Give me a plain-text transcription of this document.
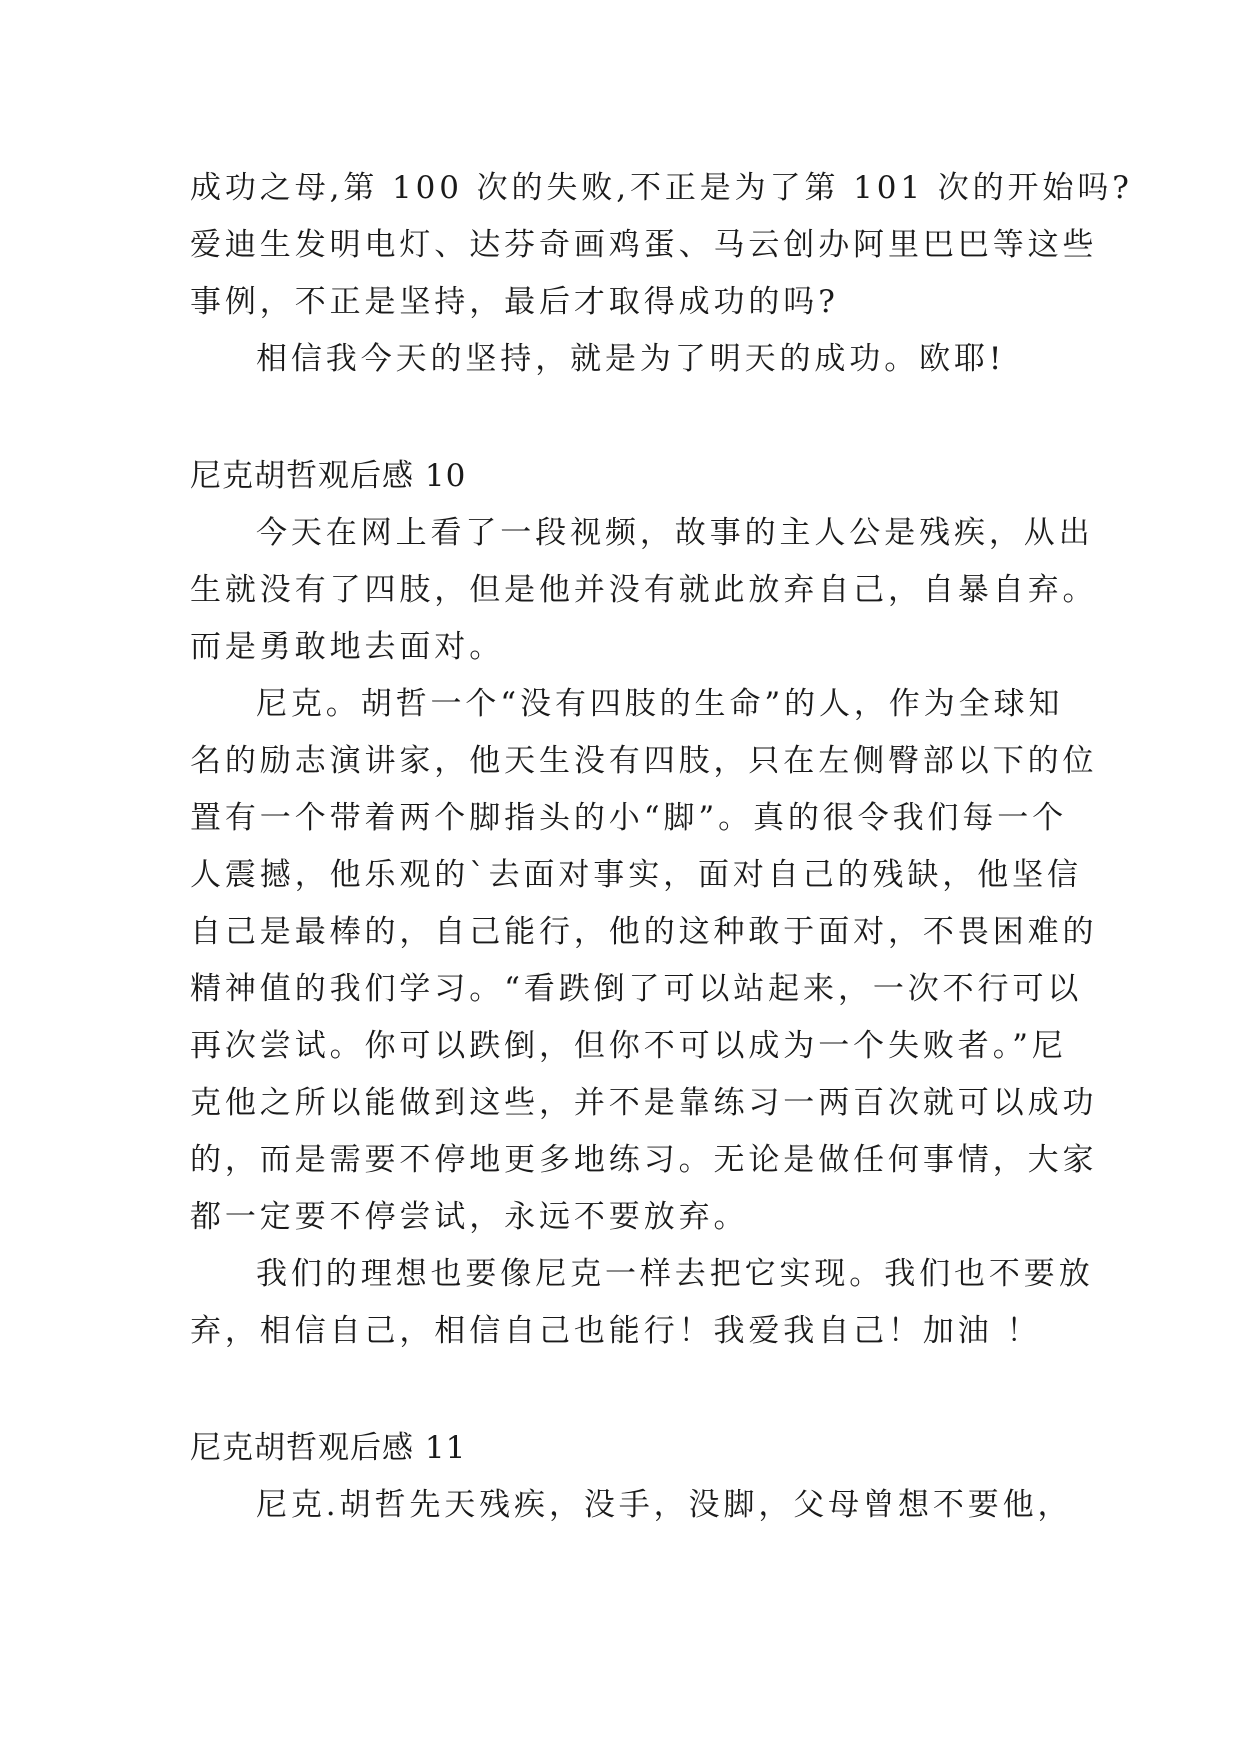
成功之母,第 100 次的失败,不正是为了第 101 次的开始吗?
爱迪生发明电灯、达芬奇画鸡蛋、马云创办阿里巴巴等这些
事例，不正是坚持，最后才取得成功的吗?
相信我今天的坚持，就是为了明天的成功。欧耶!
尼克胡哲观后感 10
今天在网上看了一段视频，故事的主人公是残疾，从出
生就没有了四肢，但是他并没有就此放弃自己，自暴自弃。
而是勇敢地去面对。
尼克。胡哲一个“没有四肢的生命”的人，作为全球知
名的励志演讲家，他天生没有四肢，只在左侧臀部以下的位
置有一个带着两个脚指头的小“脚”。真的很令我们每一个
人震撼，他乐观的`去面对事实，面对自己的残缺，他坚信
自己是最棒的，自己能行，他的这种敢于面对，不畏困难的
精神值的我们学习。“看跌倒了可以站起来，一次不行可以
再次尝试。你可以跌倒，但你不可以成为一个失败者。”尼
克他之所以能做到这些，并不是靠练习一两百次就可以成功
的，而是需要不停地更多地练习。无论是做任何事情，大家
都一定要不停尝试，永远不要放弃。
我们的理想也要像尼克一样去把它实现。我们也不要放
弃，相信自己，相信自己也能行！我爱我自己！加油 ！
尼克胡哲观后感 11
尼克.胡哲先天残疾，没手，没脚，父母曾想不要他，
